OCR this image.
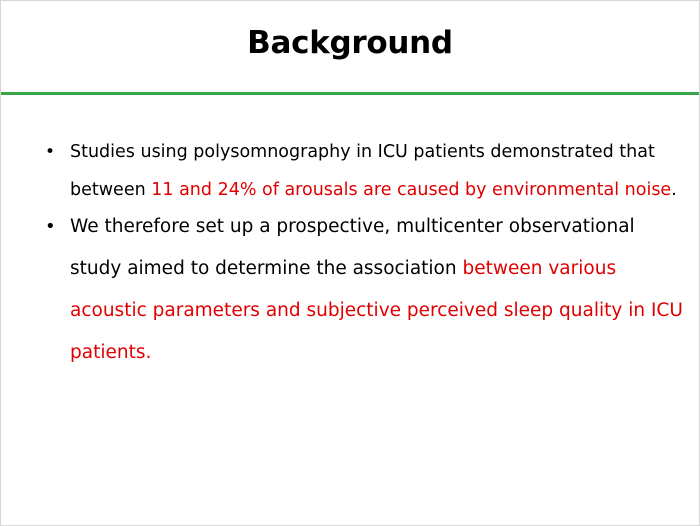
Background
• Studies using polysomnography in ICU patients demonstrated that between 11 and 24% of arousals are caused by environmental noise.
• We therefore set up a prospective, multicenter observational study aimed to determine the association between various acoustic parameters and subjective perceived sleep quality in ICU patients.
